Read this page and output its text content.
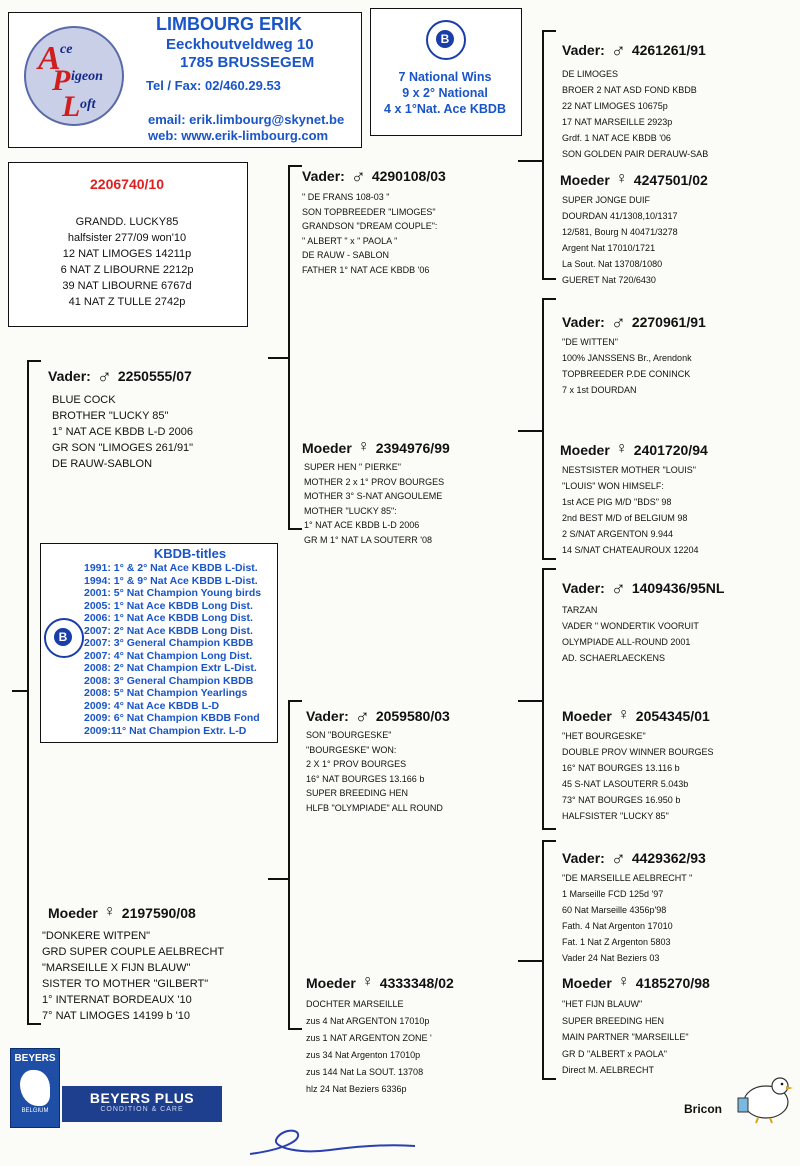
A ce
P igeon
L oft
LIMBOURG ERIK
Eeckhoutveldweg 10
1785 BRUSSEGEM
Tel / Fax: 02/460.29.53
email: erik.limbourg@skynet.be
web: www.erik-limbourg.com
B
7 National Wins
9 x 2° National
4 x 1°Nat. Ace KBDB
2206740/10
GRANDD. LUCKY85
halfsister 277/09 won'10
12 NAT LIMOGES 14211p
6 NAT Z LIBOURNE 2212p
39 NAT LIBOURNE 6767d
41 NAT Z TULLE 2742p
Vader: ♂ 2250555/07
BLUE COCK
BROTHER "LUCKY 85"
1° NAT ACE KBDB L-D 2006
GR SON "LIMOGES 261/91"
DE RAUW-SABLON
KBDB-titles
B
1991: 1° & 2° Nat Ace KBDB L-Dist.
1994: 1° & 9° Nat Ace KBDB L-Dist.
2001: 5° Nat Champion Young birds
2005: 1° Nat Ace KBDB Long Dist.
2006: 1° Nat Ace KBDB Long Dist.
2007: 2° Nat Ace KBDB Long Dist.
2007: 3° General Champion KBDB
2007: 4° Nat Champion Long Dist.
2008: 2° Nat Champion Extr L-Dist.
2008: 3° General Champion KBDB
2008: 5° Nat Champion Yearlings
2009: 4° Nat Ace KBDB L-D
2009: 6° Nat Champion KBDB Fond
2009:11° Nat Champion Extr. L-D
Moeder ♀ 2197590/08
"DONKERE WITPEN"
GRD SUPER COUPLE AELBRECHT
"MARSEILLE X FIJN BLAUW"
SISTER TO MOTHER "GILBERT"
1° INTERNAT BORDEAUX '10
7° NAT LIMOGES 14199 b '10
Vader: ♂ 4290108/03
" DE FRANS 108-03 "
SON TOPBREEDER "LIMOGES"
GRANDSON "DREAM COUPLE":
" ALBERT " x " PAOLA "
DE RAUW - SABLON
FATHER 1° NAT ACE KBDB '06
Moeder ♀ 2394976/99
SUPER HEN " PIERKE"
MOTHER 2 x 1° PROV BOURGES
MOTHER 3° S-NAT ANGOULEME
MOTHER "LUCKY 85":
1° NAT ACE KBDB L-D 2006
GR M 1° NAT LA SOUTERR '08
Vader: ♂ 2059580/03
SON "BOURGESKE"
"BOURGESKE" WON:
2 X 1° PROV BOURGES
16° NAT BOURGES 13.166 b
SUPER BREEDING HEN
HLFB "OLYMPIADE" ALL ROUND
Moeder ♀ 4333348/02
DOCHTER MARSEILLE
zus 4 Nat ARGENTON 17010p
zus 1 NAT ARGENTON ZONE '
zus 34 Nat Argenton 17010p
zus 144 Nat La SOUT. 13708
hlz 24 Nat Beziers 6336p
Vader: ♂ 4261261/91
DE LIMOGES
BROER 2 NAT ASD FOND KBDB
22 NAT LIMOGES 10675p
17 NAT MARSEILLE 2923p
Grdf. 1 NAT ACE KBDB '06
SON GOLDEN PAIR DERAUW-SAB
Moeder ♀ 4247501/02
SUPER JONGE DUIF
DOURDAN 41/1308,10/1317
12/581, Bourg N 40471/3278
Argent Nat 17010/1721
La Sout. Nat 13708/1080
GUERET Nat 720/6430
Vader: ♂ 2270961/91
"DE WITTEN"
100% JANSSENS Br., Arendonk
TOPBREEDER P.DE CONINCK
7 x 1st DOURDAN
Moeder ♀ 2401720/94
NESTSISTER MOTHER "LOUIS"
"LOUIS" WON HIMSELF:
1st ACE PIG M/D "BDS" 98
2nd BEST M/D of BELGIUM 98
2 S/NAT ARGENTON 9.944
14 S/NAT CHATEAUROUX 12204
Vader: ♂ 1409436/95NL
TARZAN
VADER " WONDERTIK VOORUIT
OLYMPIADE ALL-ROUND 2001
AD. SCHAERLAECKENS
Moeder ♀ 2054345/01
"HET BOURGESKE"
DOUBLE PROV WINNER BOURGES
16° NAT BOURGES 13.116 b
45 S-NAT LASOUTERR 5.043b
73° NAT BOURGES 16.950 b
HALFSISTER "LUCKY 85"
Vader: ♂ 4429362/93
"DE MARSEILLE AELBRECHT "
1 Marseille FCD 125d '97
60 Nat Marseille 4356p'98
Fath. 4 Nat Argenton 17010
Fat. 1 Nat Z Argenton 5803
Vader 24 Nat Beziers 03
Moeder ♀ 4185270/98
"HET FIJN BLAUW"
SUPER BREEDING HEN
MAIN PARTNER "MARSEILLE"
GR D "ALBERT x PAOLA"
Direct M. AELBRECHT
BEYERS
BELGIUM
BEYERS PLUS
CONDITION & CARE	Bricon
